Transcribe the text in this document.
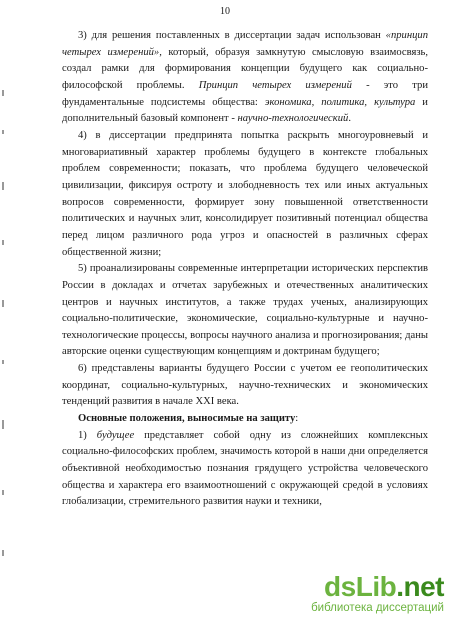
10

3) для решения поставленных в диссертации задач использован «принцип четырех измерений», который, образуя замкнутую смысловую взаимосвязь, создал рамки для формирования концепции будущего как социально-философской проблемы. Принцип четырех измерений - это три фундаментальные подсистемы общества: экономика, политика, культура и дополнительный базовый компонент - научно-технологический.

4) в диссертации предпринята попытка раскрыть многоуровневый и многовариативный характер проблемы будущего в контексте глобальных проблем современности; показать, что проблема будущего человеческой цивилизации, фиксируя остроту и злободневность тех или иных актуальных вопросов современности, формирует зону повышенной ответственности политических и научных элит, консолидирует позитивный потенциал общества перед лицом различного рода угроз и опасностей в различных сферах общественной жизни;

5) проанализированы современные интерпретации исторических перспектив России в докладах и отчетах зарубежных и отечественных аналитических центров и научных институтов, а также трудах ученых, анализирующих социально-политические, экономические, социально-культурные и научно-технологические процессы, вопросы научного анализа и прогнозирования; даны авторские оценки существующим концепциям и доктринам будущего;

6) представлены варианты будущего России с учетом ее геополитических координат, социально-культурных, научно-технических и экономических тенденций развития в начале XXI века.

Основные положения, выносимые на защиту:

1) будущее представляет собой одну из сложнейших комплексных социально-философских проблем, значимость которой в наши дни определяется объективной необходимостью познания грядущего устройства человеческого общества и характера его взаимоотношений с окружающей средой в условиях глобализации, стремительного развития науки и техники,

dsLib.net
библиотека диссертаций
